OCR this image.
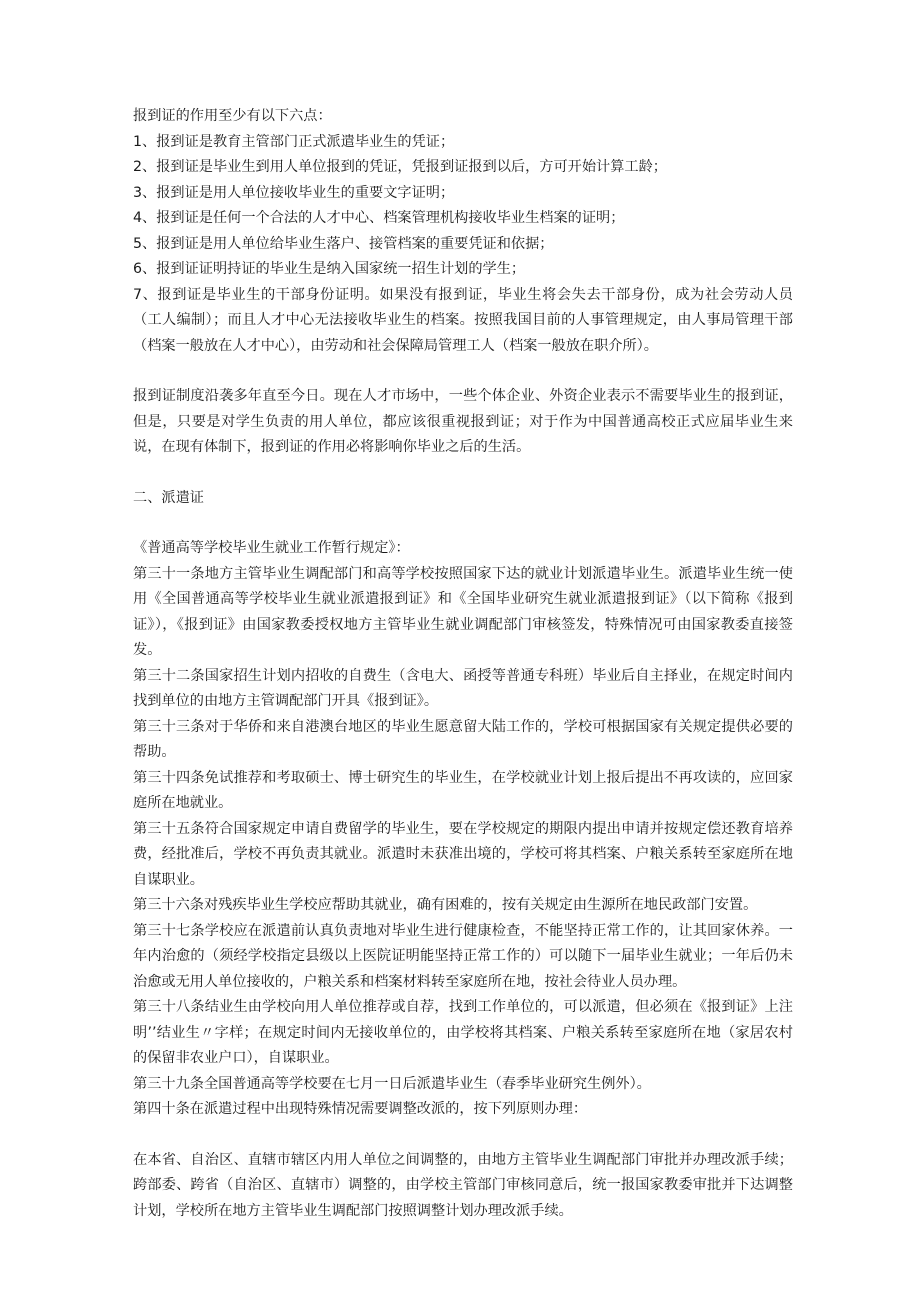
报到证的作用至少有以下六点：

1、报到证是教育主管部门正式派遣毕业生的凭证；

2、报到证是毕业生到用人单位报到的凭证，凭报到证报到以后，方可开始计算工龄；

3、报到证是用人单位接收毕业生的重要文字证明；

4、报到证是任何一个合法的人才中心、档案管理机构接收毕业生档案的证明；

5、报到证是用人单位给毕业生落户、接管档案的重要凭证和依据；

6、报到证证明持证的毕业生是纳入国家统一招生计划的学生；

7、报到证是毕业生的干部身份证明。如果没有报到证，毕业生将会失去干部身份，成为社会劳动人员（工人编制）；而且人才中心无法接收毕业生的档案。按照我国目前的人事管理规定，由人事局管理干部（档案一般放在人才中心），由劳动和社会保障局管理工人（档案一般放在职介所）。

报到证制度沿袭多年直至今日。现在人才市场中，一些个体企业、外资企业表示不需要毕业生的报到证，但是，只要是对学生负责的用人单位，都应该很重视报到证；对于作为中国普通高校正式应届毕业生来说，在现有体制下，报到证的作用必将影响你毕业之后的生活。

二、派遣证

《普通高等学校毕业生就业工作暂行规定》：

第三十一条地方主管毕业生调配部门和高等学校按照国家下达的就业计划派遣毕业生。派遣毕业生统一使用《全国普通高等学校毕业生就业派遣报到证》和《全国毕业研究生就业派遣报到证》（以下简称《报到证》），《报到证》由国家教委授权地方主管毕业生就业调配部门审核签发，特殊情况可由国家教委直接签发。

第三十二条国家招生计划内招收的自费生（含电大、函授等普通专科班）毕业后自主择业，在规定时间内找到单位的由地方主管调配部门开具《报到证》。

第三十三条对于华侨和来自港澳台地区的毕业生愿意留大陆工作的，学校可根据国家有关规定提供必要的帮助。

第三十四条免试推荐和考取硕士、博士研究生的毕业生，在学校就业计划上报后提出不再攻读的，应回家庭所在地就业。

第三十五条符合国家规定申请自费留学的毕业生，要在学校规定的期限内提出申请并按规定偿还教育培养费，经批准后，学校不再负责其就业。派遣时未获准出境的，学校可将其档案、户粮关系转至家庭所在地自谋职业。

第三十六条对残疾毕业生学校应帮助其就业，确有困难的，按有关规定由生源所在地民政部门安置。

第三十七条学校应在派遣前认真负责地对毕业生进行健康检查，不能坚持正常工作的，让其回家休养。一年内治愈的（须经学校指定县级以上医院证明能坚持正常工作的）可以随下一届毕业生就业；一年后仍未治愈或无用人单位接收的，户粮关系和档案材料转至家庭所在地，按社会待业人员办理。

第三十八条结业生由学校向用人单位推荐或自荐，找到工作单位的，可以派遣，但必须在《报到证》上注明’’结业生〃字样；在规定时间内无接收单位的，由学校将其档案、户粮关系转至家庭所在地（家居农村的保留非农业户口），自谋职业。

第三十九条全国普通高等学校要在七月一日后派遣毕业生（春季毕业研究生例外）。

第四十条在派遣过程中出现特殊情况需要调整改派的，按下列原则办理：

在本省、自治区、直辖市辖区内用人单位之间调整的，由地方主管毕业生调配部门审批并办理改派手续；跨部委、跨省（自治区、直辖市）调整的，由学校主管部门审核同意后，统一报国家教委审批并下达调整计划，学校所在地方主管毕业生调配部门按照调整计划办理改派手续。
